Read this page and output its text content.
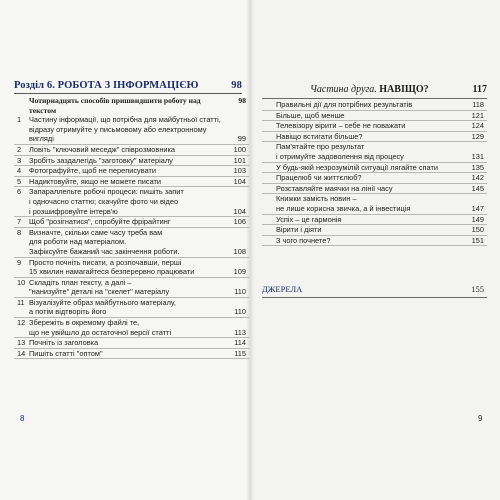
Розділ 6. РОБОТА З ІНФОРМАЦІЄЮ	98
Чотирнадцять способів пришвидшити роботу над текстом
98
1	Частину інформації, що потрібна для майбутньої статті,
відразу отримуйте у письмовому або електронному
вигляді	99
2	Ловіть "ключовий меседж" співрозмовника	100
3	Зробіть заздалегідь "заготовку" матеріалу	101
4	Фотографуйте, щоб не переписувати	103
5	Надиктовуйте, якщо не можете писати	104
6	Запараллельте робочі процеси: пишіть запит
і одночасно статтю; скачуйте фото чи відео
і розшифровуйте інтерв'ю	104
7	Щоб "розігнатися", спробуйте фрірайтинг	106
8	Визначте, скільки саме часу треба вам
для роботи над матеріалом.
Зафіксуйте бажаний час закінчення роботи.	108
9	Просто почніть писати, а розпочавши, перші
15 хвилин намагайтеся безперервно працювати	109
10 Складіть план тексту, а далі –
"нанизуйте" деталі на "скелет" матеріалу	110
11 Візуалізуйте образ майбутнього матеріалу,
а потім відтворіть його	110
12 Збережіть в окремому файлі те,
що не увійшло до остаточної версії статті	113
13 Почніть із заголовка	114
14 Пишіть статті "оптом"	115
8
Частина друга. НАВІЩО?	117
Правильні дії для потрібних результатів	118
Більше, щоб менше	121
Телевізору вірити – себе не поважати	124
Навіщо встигати більше?	129
Пам'ятайте про результат
і отримуйте задоволення від процесу	131
У будь-якій незрозумілій ситуації лягайте спати	135
Працелюб чи життєлюб?	142
Розставляйте маячки на лінії часу	145
Книжки замість новин –
не лише корисна звичка, а й інвестиція	147
Успіх – це гармонія	149
Вірити і діяти	150
З чого почнете?	151
ДЖЕРЕЛА	155
9
